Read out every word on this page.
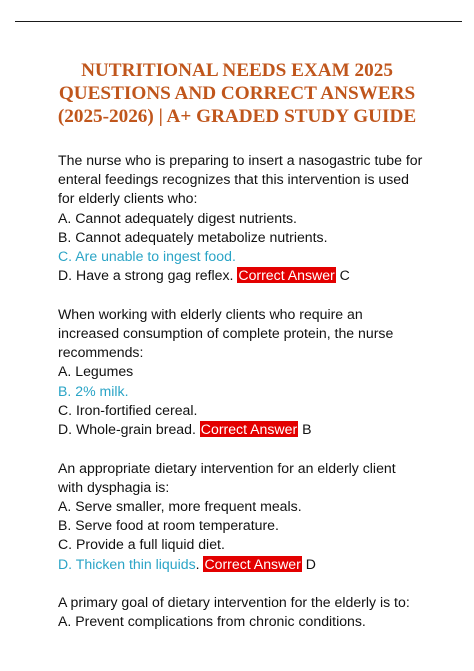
NUTRITIONAL NEEDS EXAM 2025
QUESTIONS AND CORRECT ANSWERS
(2025-2026) | A+ GRADED STUDY GUIDE
The nurse who is preparing to insert a nasogastric tube for
enteral feedings recognizes that this intervention is used
for elderly clients who:
A. Cannot adequately digest nutrients.
B. Cannot adequately metabolize nutrients.
C. Are unable to ingest food.
D. Have a strong gag reflex. Correct Answer C
When working with elderly clients who require an
increased consumption of complete protein, the nurse
recommends:
A. Legumes
B. 2% milk.
C. Iron-fortified cereal.
D. Whole-grain bread. Correct Answer B
An appropriate dietary intervention for an elderly client
with dysphagia is:
A. Serve smaller, more frequent meals.
B. Serve food at room temperature.
C. Provide a full liquid diet.
D. Thicken thin liquids. Correct Answer D
A primary goal of dietary intervention for the elderly is to:
A. Prevent complications from chronic conditions.
